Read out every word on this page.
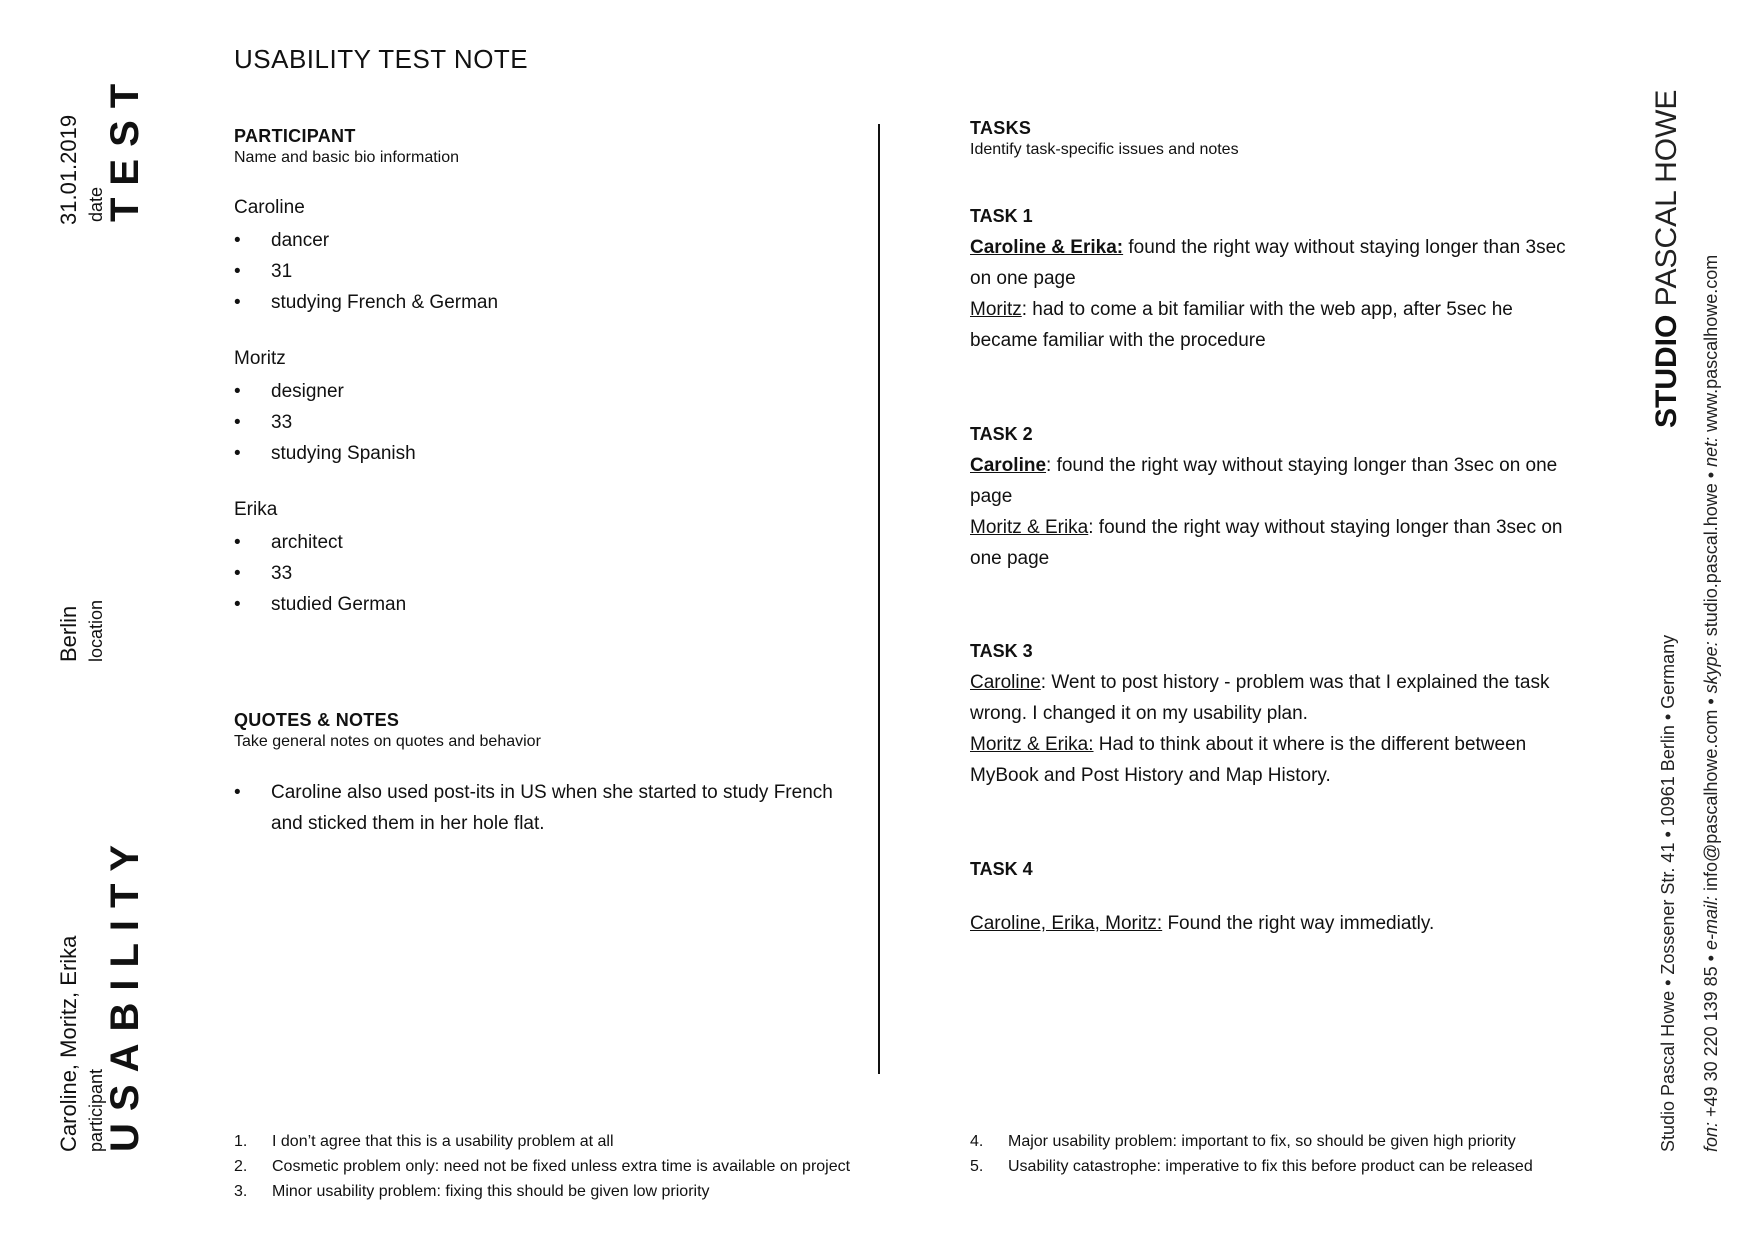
31.01.2019 date
TEST
Berlin location
Caroline, Moritz, Erika participant
USABILITY
STUDIO PASCAL HOWE
Studio Pascal Howe • Zossener Str. 41 • 10961 Berlin • Germany fon: +49 30 220 139 85 • e-mail: info@pascalhowe.com • skype: studio.pascal.howe • net: www.pascalhowe.com
USABILITY TEST NOTE
PARTICIPANT
Name and basic bio information
Caroline
• dancer
• 31
• studying French & German
Moritz
• designer
• 33
• studying Spanish
Erika
• architect
• 33
• studied German
QUOTES & NOTES
Take general notes on quotes and behavior
• Caroline also used post-its in US when she started to study French and sticked them in her hole flat.
TASKS
Identify task-specific issues and notes
TASK 1

Caroline & Erika: found the right way without staying longer than 3sec on one page

Moritz: had to come a bit familiar with the web app, after 5sec he became familiar with the procedure

TASK 2

Caroline: found the right way without staying longer than 3sec on one page

Moritz & Erika: found the right way without staying longer than 3sec on one page

TASK 3

Caroline: Went to post history - problem was that I explained the task wrong. I changed it on my usability plan.

Moritz & Erika: Had to think about it where is the different between MyBook and Post History and Map History.

TASK 4

Caroline, Erika, Moritz: Found the right way immediatly.

1. I don’t agree that this is a usability problem at all
2. Cosmetic problem only: need not be fixed unless extra time is available on project
3. Minor usability problem: fixing this should be given low priority
4. Major usability problem: important to fix, so should be given high priority
5. Usability catastrophe: imperative to fix this before product can be released
